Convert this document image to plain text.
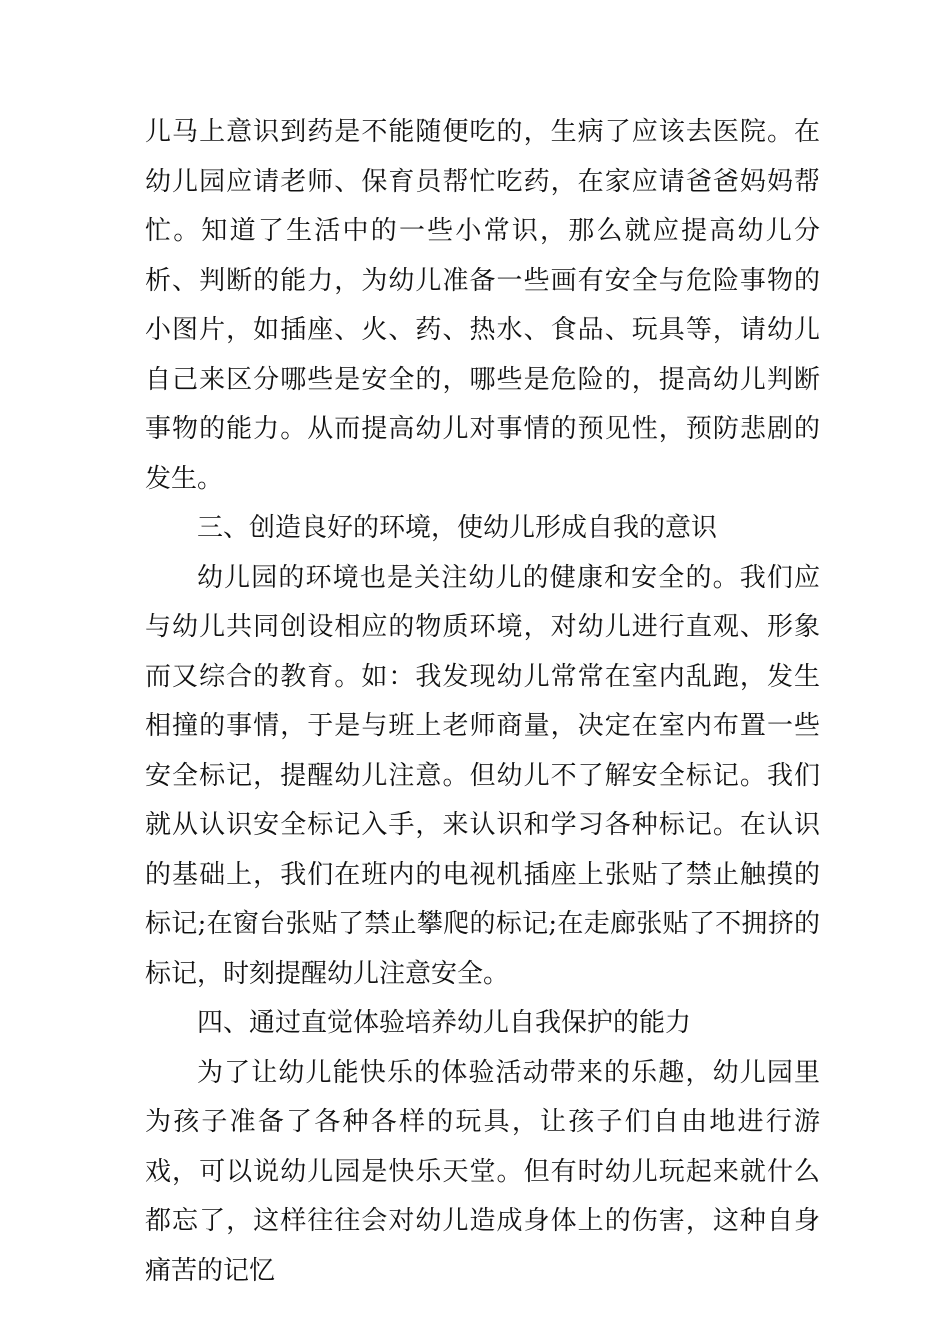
儿马上意识到药是不能随便吃的，生病了应该去医院。在幼儿园应请老师、保育员帮忙吃药，在家应请爸爸妈妈帮忙。知道了生活中的一些小常识，那么就应提高幼儿分析、判断的能力，为幼儿准备一些画有安全与危险事物的小图片，如插座、火、药、热水、食品、玩具等，请幼儿自己来区分哪些是安全的，哪些是危险的，提高幼儿判断事物的能力。从而提高幼儿对事情的预见性，预防悲剧的发生。

三、创造良好的环境，使幼儿形成自我的意识

幼儿园的环境也是关注幼儿的健康和安全的。我们应与幼儿共同创设相应的物质环境，对幼儿进行直观、形象而又综合的教育。如：我发现幼儿常常在室内乱跑，发生相撞的事情，于是与班上老师商量，决定在室内布置一些安全标记，提醒幼儿注意。但幼儿不了解安全标记。我们就从认识安全标记入手，来认识和学习各种标记。在认识的基础上，我们在班内的电视机插座上张贴了禁止触摸的标记;在窗台张贴了禁止攀爬的标记;在走廊张贴了不拥挤的标记，时刻提醒幼儿注意安全。

四、通过直觉体验培养幼儿自我保护的能力

为了让幼儿能快乐的体验活动带来的乐趣，幼儿园里为孩子准备了各种各样的玩具，让孩子们自由地进行游戏，可以说幼儿园是快乐天堂。但有时幼儿玩起来就什么都忘了，这样往往会对幼儿造成身体上的伤害，这种自身痛苦的记忆
